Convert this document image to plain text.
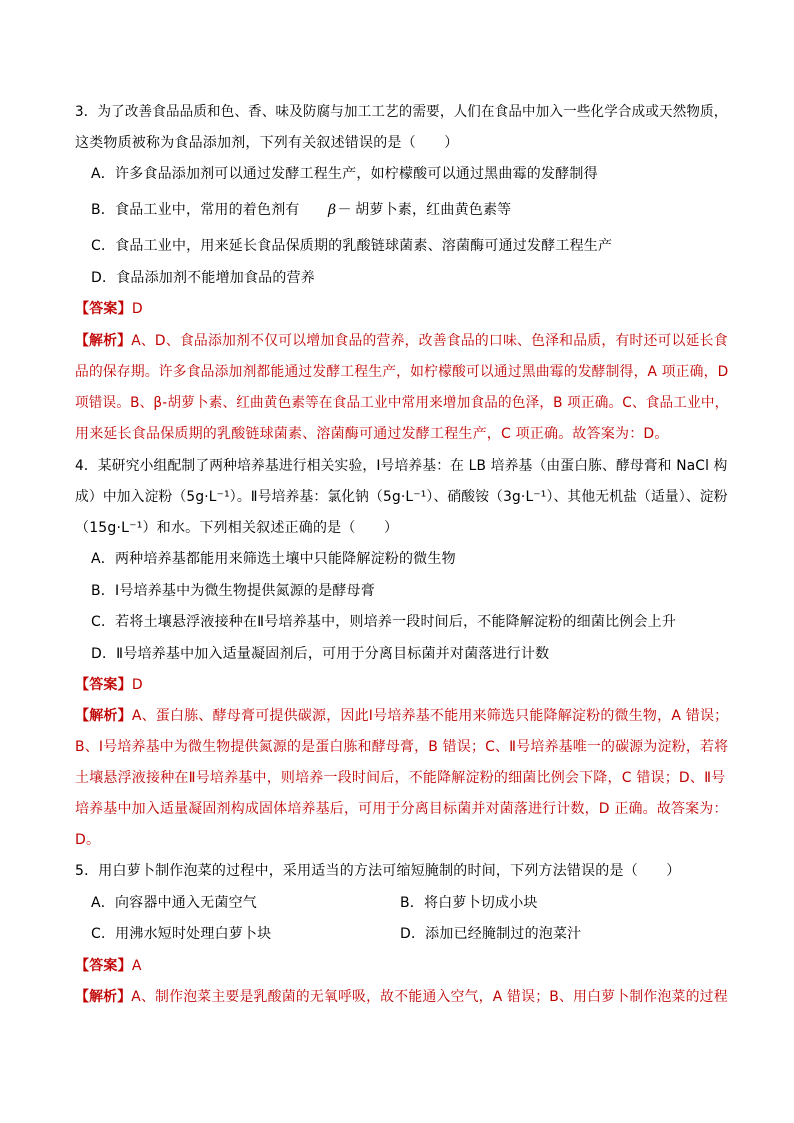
3．为了改善食品品质和色、香、味及防腐与加工工艺的需要，人们在食品中加入一些化学合成或天然物质，
这类物质被称为食品添加剂，下列有关叙述错误的是（　　）
A．许多食品添加剂可以通过发酵工程生产，如柠檬酸可以通过黑曲霉的发酵制得
B．食品工业中，常用的着色剂有　　β－ 胡萝卜素，红曲黄色素等
C．食品工业中，用来延长食品保质期的乳酸链球菌素、溶菌酶可通过发酵工程生产
D．食品添加剂不能增加食品的营养
【答案】D
【解析】A、D、食品添加剂不仅可以增加食品的营养，改善食品的口味、色泽和品质，有时还可以延长食
品的保存期。许多食品添加剂都能通过发酵工程生产，如柠檬酸可以通过黑曲霉的发酵制得，A 项正确，D
项错误。B、β-胡萝卜素、红曲黄色素等在食品工业中常用来增加食品的色泽，B 项正确。C、食品工业中，
用来延长食品保质期的乳酸链球菌素、溶菌酶可通过发酵工程生产，C 项正确。故答案为：D。
4．某研究小组配制了两种培养基进行相关实验，Ⅰ号培养基：在 LB 培养基（由蛋白胨、酵母膏和 NaCl 构
成）中加入淀粉（5g·L⁻¹）。Ⅱ号培养基：氯化钠（5g·L⁻¹）、硝酸铵（3g·L⁻¹）、其他无机盐（适量）、淀粉
（15g·L⁻¹）和水。下列相关叙述正确的是（　　）
A．两种培养基都能用来筛选土壤中只能降解淀粉的微生物
B．Ⅰ号培养基中为微生物提供氮源的是酵母膏
C．若将土壤悬浮液接种在Ⅱ号培养基中，则培养一段时间后，不能降解淀粉的细菌比例会上升
D．Ⅱ号培养基中加入适量凝固剂后，可用于分离目标菌并对菌落进行计数
【答案】D
【解析】A、蛋白胨、酵母膏可提供碳源，因此Ⅰ号培养基不能用来筛选只能降解淀粉的微生物，A 错误；
B、Ⅰ号培养基中为微生物提供氮源的是蛋白胨和酵母膏，B 错误；C、Ⅱ号培养基唯一的碳源为淀粉，若将
土壤悬浮液接种在Ⅱ号培养基中，则培养一段时间后，不能降解淀粉的细菌比例会下降，C 错误；D、Ⅱ号
培养基中加入适量凝固剂构成固体培养基后，可用于分离目标菌并对菌落进行计数，D 正确。故答案为：
D。
5．用白萝卜制作泡菜的过程中，采用适当的方法可缩短腌制的时间，下列方法错误的是（　　）
A．向容器中通入无菌空气	B．将白萝卜切成小块
C．用沸水短时处理白萝卜块	D．添加已经腌制过的泡菜汁
【答案】A
【解析】A、制作泡菜主要是乳酸菌的无氧呼吸，故不能通入空气，A 错误；B、用白萝卜制作泡菜的过程
